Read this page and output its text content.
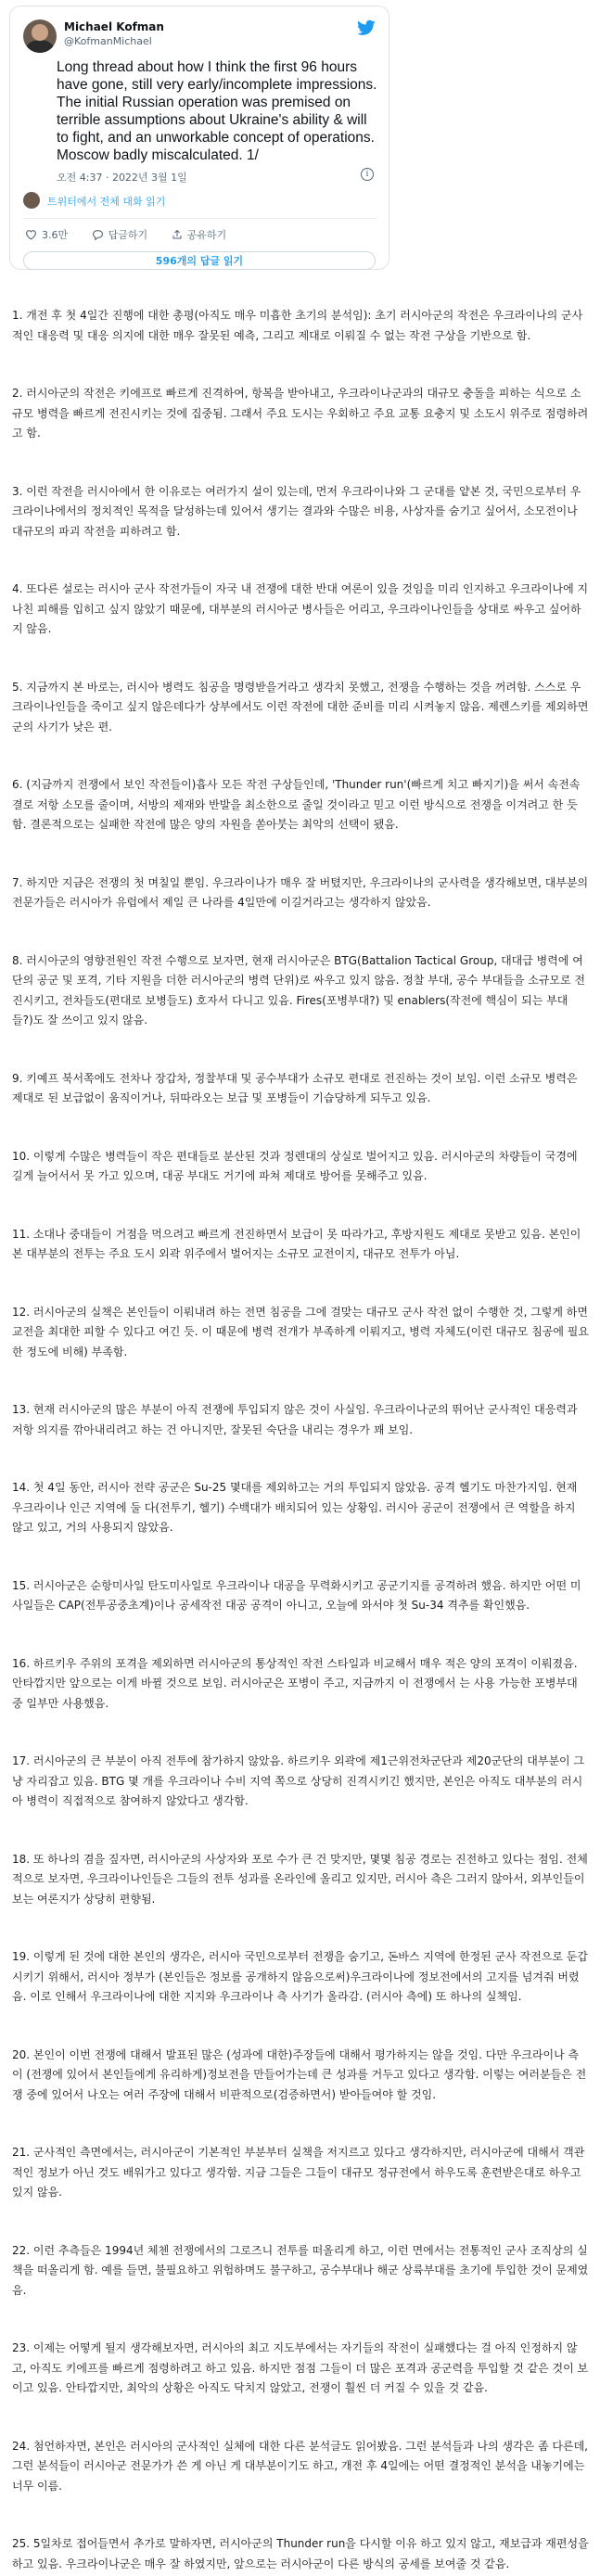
Michael Kofman
@KofmanMichael
Long thread about how I think the first 96 hours have gone, still very early/incomplete impressions. The initial Russian operation was premised on terrible assumptions about Ukraine's ability & will to fight, and an unworkable concept of operations. Moscow badly miscalculated. 1/
오전 4:37 · 2022년 3월 1일	i
트위터에서 전체 대화 읽기
3.6만
	답글하기
	공유하기
596개의 답글 읽기

1. 개전 후 첫 4일간 진행에 대한 총평(아직도 매우 미흡한 초기의 분석임): 초기 러시아군의 작전은 우크라이나의 군사적인 대응력 및 대응 의지에 대한 매우 잘못된 예측, 그리고 제대로 이뤄질 수 없는 작전 구상을 기반으로 함.

2. 러시아군의 작전은 키에프로 빠르게 진격하여, 항복을 받아내고, 우크라이나군과의 대규모 충돌을 피하는 식으로 소규모 병력을 빠르게 전진시키는 것에 집중됨. 그래서 주요 도시는 우회하고 주요 교통 요충지 및 소도시 위주로 점령하려고 함.

3. 이런 작전을 러시아에서 한 이유로는 여러가지 설이 있는데, 먼저 우크라이나와 그 군대를 얕본 것, 국민으로부터 우크라이나에서의 정치적인 목적을 달성하는데 있어서 생기는 결과와 수많은 비용, 사상자를 숨기고 싶어서, 소모전이나 대규모의 파괴 작전을 피하려고 함.

4. 또다른 설로는 러시아 군사 작전가들이 자국 내 전쟁에 대한 반대 여론이 있을 것임을 미리 인지하고 우크라이나에 지나친 피해를 입히고 싶지 않았기 때문에, 대부분의 러시아군 병사들은 어리고, 우크라이나인들을 상대로 싸우고 싶어하지 않음.

5. 지금까지 본 바로는, 러시아 병력도 침공을 명령받을거라고 생각치 못했고, 전쟁을 수행하는 것을 꺼려함. 스스로 우크라이나인들을 죽이고 싶지 않은데다가 상부에서도 이런 작전에 대한 준비를 미리 시켜놓지 않음. 제렌스키를 제외하면 군의 사기가 낮은 편.

6. (지금까지 전쟁에서 보인 작전들이)흡사 모든 작전 구상들인데, 'Thunder run'(빠르게 치고 빠지기)을 써서 속전속결로 저항 소모를 줄이며, 서방의 제재와 반발을 최소한으로 줄일 것이라고 믿고 이런 방식으로 전쟁을 이겨려고 한 듯 함. 결론적으로는 실패한 작전에 많은 양의 자원을 쏟아붓는 최악의 선택이 됐음.

7. 하지만 지금은 전쟁의 첫 며칠일 뿐임. 우크라이나가 매우 잘 버텼지만, 우크라이나의 군사력을 생각해보면, 대부분의 전문가들은 러시아가 유럽에서 제일 큰 나라를 4일만에 이길거라고는 생각하지 않았음.

8. 러시아군의 영향전원인 작전 수행으로 보자면, 현재 러시아군은 BTG(Battalion Tactical Group, 대대급 병력에 여단의 공군 및 포격, 기타 지원을 더한 러시아군의 병력 단위)로 싸우고 있지 않음. 정찰 부대, 공수 부대들을 소규모로 전진시키고, 전차들도(편대로 보병들도) 호자서 다니고 있음. Fires(포병부대?) 및 enablers(작전에 핵심이 되는 부대들?)도 잘 쓰이고 있지 않음.

9. 키예프 북서쪽에도 전차나 장갑차, 정찰부대 및 공수부대가 소규모 편대로 전진하는 것이 보임. 이런 소규모 병력은 제대로 된 보급없이 움직이거나, 뒤따라오는 보급 및 포병들이 기습당하게 되두고 있음.

10. 이렇게 수많은 병력들이 작은 편대들로 분산된 것과 정렌대의 상실로 벌어지고 있음. 러시아군의 차량들이 국경에 길게 늘어서서 못 가고 있으며, 대공 부대도 거기에 파쳐 제대로 방어를 못해주고 있음.

11. 소대나 중대들이 거점을 먹으려고 빠르게 전진하면서 보급이 못 따라가고, 후방지원도 제대로 못받고 있음. 본인이 본 대부분의 전투는 주요 도시 외곽 위주에서 벌어지는 소규모 교전이지, 대규모 전투가 아님.

12. 러시아군의 실책은 본인들이 이뤄내려 하는 전면 침공을 그에 걸맞는 대규모 군사 작전 없이 수행한 것, 그렇게 하면 교전을 최대한 피할 수 있다고 여긴 듯. 이 때문에 병력 전개가 부족하게 이뤄지고, 병력 자체도(이런 대규모 침공에 필요한 정도에 비해) 부족함.

13. 현재 러시아군의 많은 부분이 아직 전쟁에 투입되지 않은 것이 사실임. 우크라이나군의 뛰어난 군사적인 대응력과 저항 의지를 깎아내리려고 하는 건 아니지만, 잘못된 숙단을 내리는 경우가 꽤 보임.

14. 첫 4일 동안, 러시아 전략 공군은 Su-25 몇대를 제외하고는 거의 투입되지 않았음. 공격 헬기도 마찬가지임. 현재 우크라이나 인근 지역에 둘 다(전투기, 헬기) 수백대가 배치되어 있는 상황임. 러시아 공군이 전쟁에서 큰 역할을 하지 않고 있고, 거의 사용되지 않았음.

15. 러시아군은 순항미사일 탄도미사일로 우크라이나 대공을 무력화시키고 공군기지를 공격하려 했음. 하지만 어떤 미사일들은 CAP(전투공중초계)이나 공세작전 대공 공격이 아니고, 오늘에 와서야 첫 Su-34 격추를 확인했음.

16. 하르키우 주위의 포격을 제외하면 러시아군의 통상적인 작전 스타일과 비교해서 매우 적은 양의 포격이 이뤄졌음. 안타깝지만 앞으로는 이게 바뀔 것으로 보임. 러시아군은 포병이 주고, 지금까지 이 전쟁에서 는 사용 가능한 포병부대 중 일부만 사용했음.

17. 러시아군의 큰 부분이 아직 전투에 참가하지 않았음. 하르키우 외곽에 제1근위전차군단과 제20군단의 대부분이 그냥 자리잡고 있음. BTG 몇 개를 우크라이나 수비 지역 쪽으로 상당히 진격시키긴 했지만, 본인은 아직도 대부분의 러시아 병력이 직접적으로 참여하지 않았다고 생각함.

18. 또 하나의 겸을 짚자면, 러시아군의 사상자와 포로 수가 큰 건 맞지만, 몇몇 침공 경로는 진전하고 있다는 점임. 전체적으로 보자면, 우크라이나인들은 그들의 전투 성과를 온라인에 올리고 있지만, 러시아 측은 그러지 않아서, 외부인들이 보는 여론지가 상당히 편향됨.

19. 이렇게 된 것에 대한 본인의 생각은, 러시아 국민으로부터 전쟁을 숨기고, 돈바스 지역에 한정된 군사 작전으로 둔갑시키기 위해서, 러시아 정부가 (본인들은 정보를 공개하지 않음으로써)우크라이나에 정보전에서의 고지를 넘겨줘 버렸음. 이로 인해서 우크라이나에 대한 지지와 우크라이나 측 사기가 올라감. (러시아 측에) 또 하나의 실책임.

20. 본인이 이번 전쟁에 대해서 발표된 많은 (성과에 대한)주장들에 대해서 평가하지는 않을 것임. 다만 우크라이나 측이 (전쟁에 있어서 본인들에게 유리하게)정보전을 만들어가는데 큰 성과를 거두고 있다고 생각함. 이렇는 여러분들은 전쟁 중에 있어서 나오는 여러 주장에 대해서 비판적으로(검증하면서) 받아들여야 할 것임.

21. 군사적인 측면에서는, 러시아군이 기본적인 부분부터 실책을 저지르고 있다고 생각하지만, 러시아군에 대해서 객관적인 정보가 아닌 것도 배워가고 있다고 생각함. 지금 그들은 그들이 대규모 정규전에서 하우도록 훈련받은대로 하우고 있지 않음.

22. 이런 추측들은 1994년 체첸 전쟁에서의 그로즈니 전투를 떠올리게 하고, 이런 면에서는 전통적인 군사 조직상의 실책을 떠올리게 함. 예를 들면, 불필요하고 위험하며도 불구하고, 공수부대나 해군 상륙부대를 초기에 투입한 것이 문제였음.

23. 이제는 어떻게 될지 생각해보자면, 러시아의 최고 지도부에서는 자기들의 작전이 실패했다는 걸 아직 인정하지 않고, 아직도 키에프를 빠르게 점령하려고 하고 있음. 하지만 점점 그들이 더 많은 포격과 공군력을 투입할 것 같은 것이 보이고 있음. 안타깝지만, 최악의 상황은 아직도 닥치지 않았고, 전쟁이 훨씬 더 커질 수 있을 것 같음.

24. 첨언하자면, 본인은 러시아의 군사적인 실체에 대한 다른 분석글도 읽어봤음. 그런 분석들과 나의 생각은 좀 다른데, 그런 분석들이 러시아군 전문가가 쓴 게 아닌 게 대부분이기도 하고, 개전 후 4일에는 어떤 결정적인 분석을 내놓기에는 너무 이름.

25. 5일차로 접어들면서 추가로 말하자면, 러시아군의 Thunder run을 다시할 이유 하고 있지 않고, 재보급과 재편성을 하고 있음. 우크라이나군은 매우 잘 하였지만, 앞으로는 러시아군이 다른 방식의 공세를 보여줄 것 같음.
